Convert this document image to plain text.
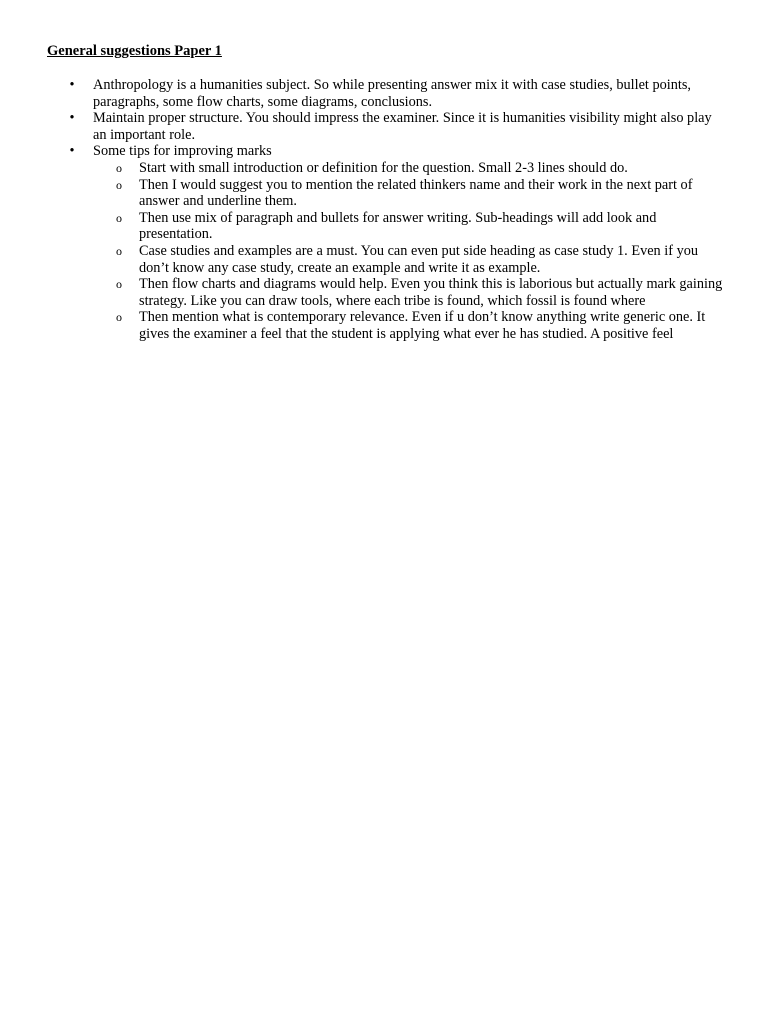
General suggestions Paper 1
• Anthropology is a humanities subject. So while presenting answer mix it with case studies, bullet points, paragraphs, some flow charts, some diagrams, conclusions.
• Maintain proper structure. You should impress the examiner. Since it is humanities visibility might also play an important role.
• Some tips for improving marks
o Start with small introduction or definition for the question. Small 2-3 lines should do.
o Then I would suggest you to mention the related thinkers name and their work in the next part of answer and underline them.
o Then use mix of paragraph and bullets for answer writing. Sub-headings will add look and presentation.
o Case studies and examples are a must. You can even put side heading as case study 1. Even if you don’t know any case study, create an example and write it as example.
o Then flow charts and diagrams would help. Even you think this is laborious but actually mark gaining strategy. Like you can draw tools, where each tribe is found, which fossil is found where
o Then mention what is contemporary relevance. Even if u don’t know anything write generic one. It gives the examiner a feel that the student is applying what ever he has studied. A positive feel
